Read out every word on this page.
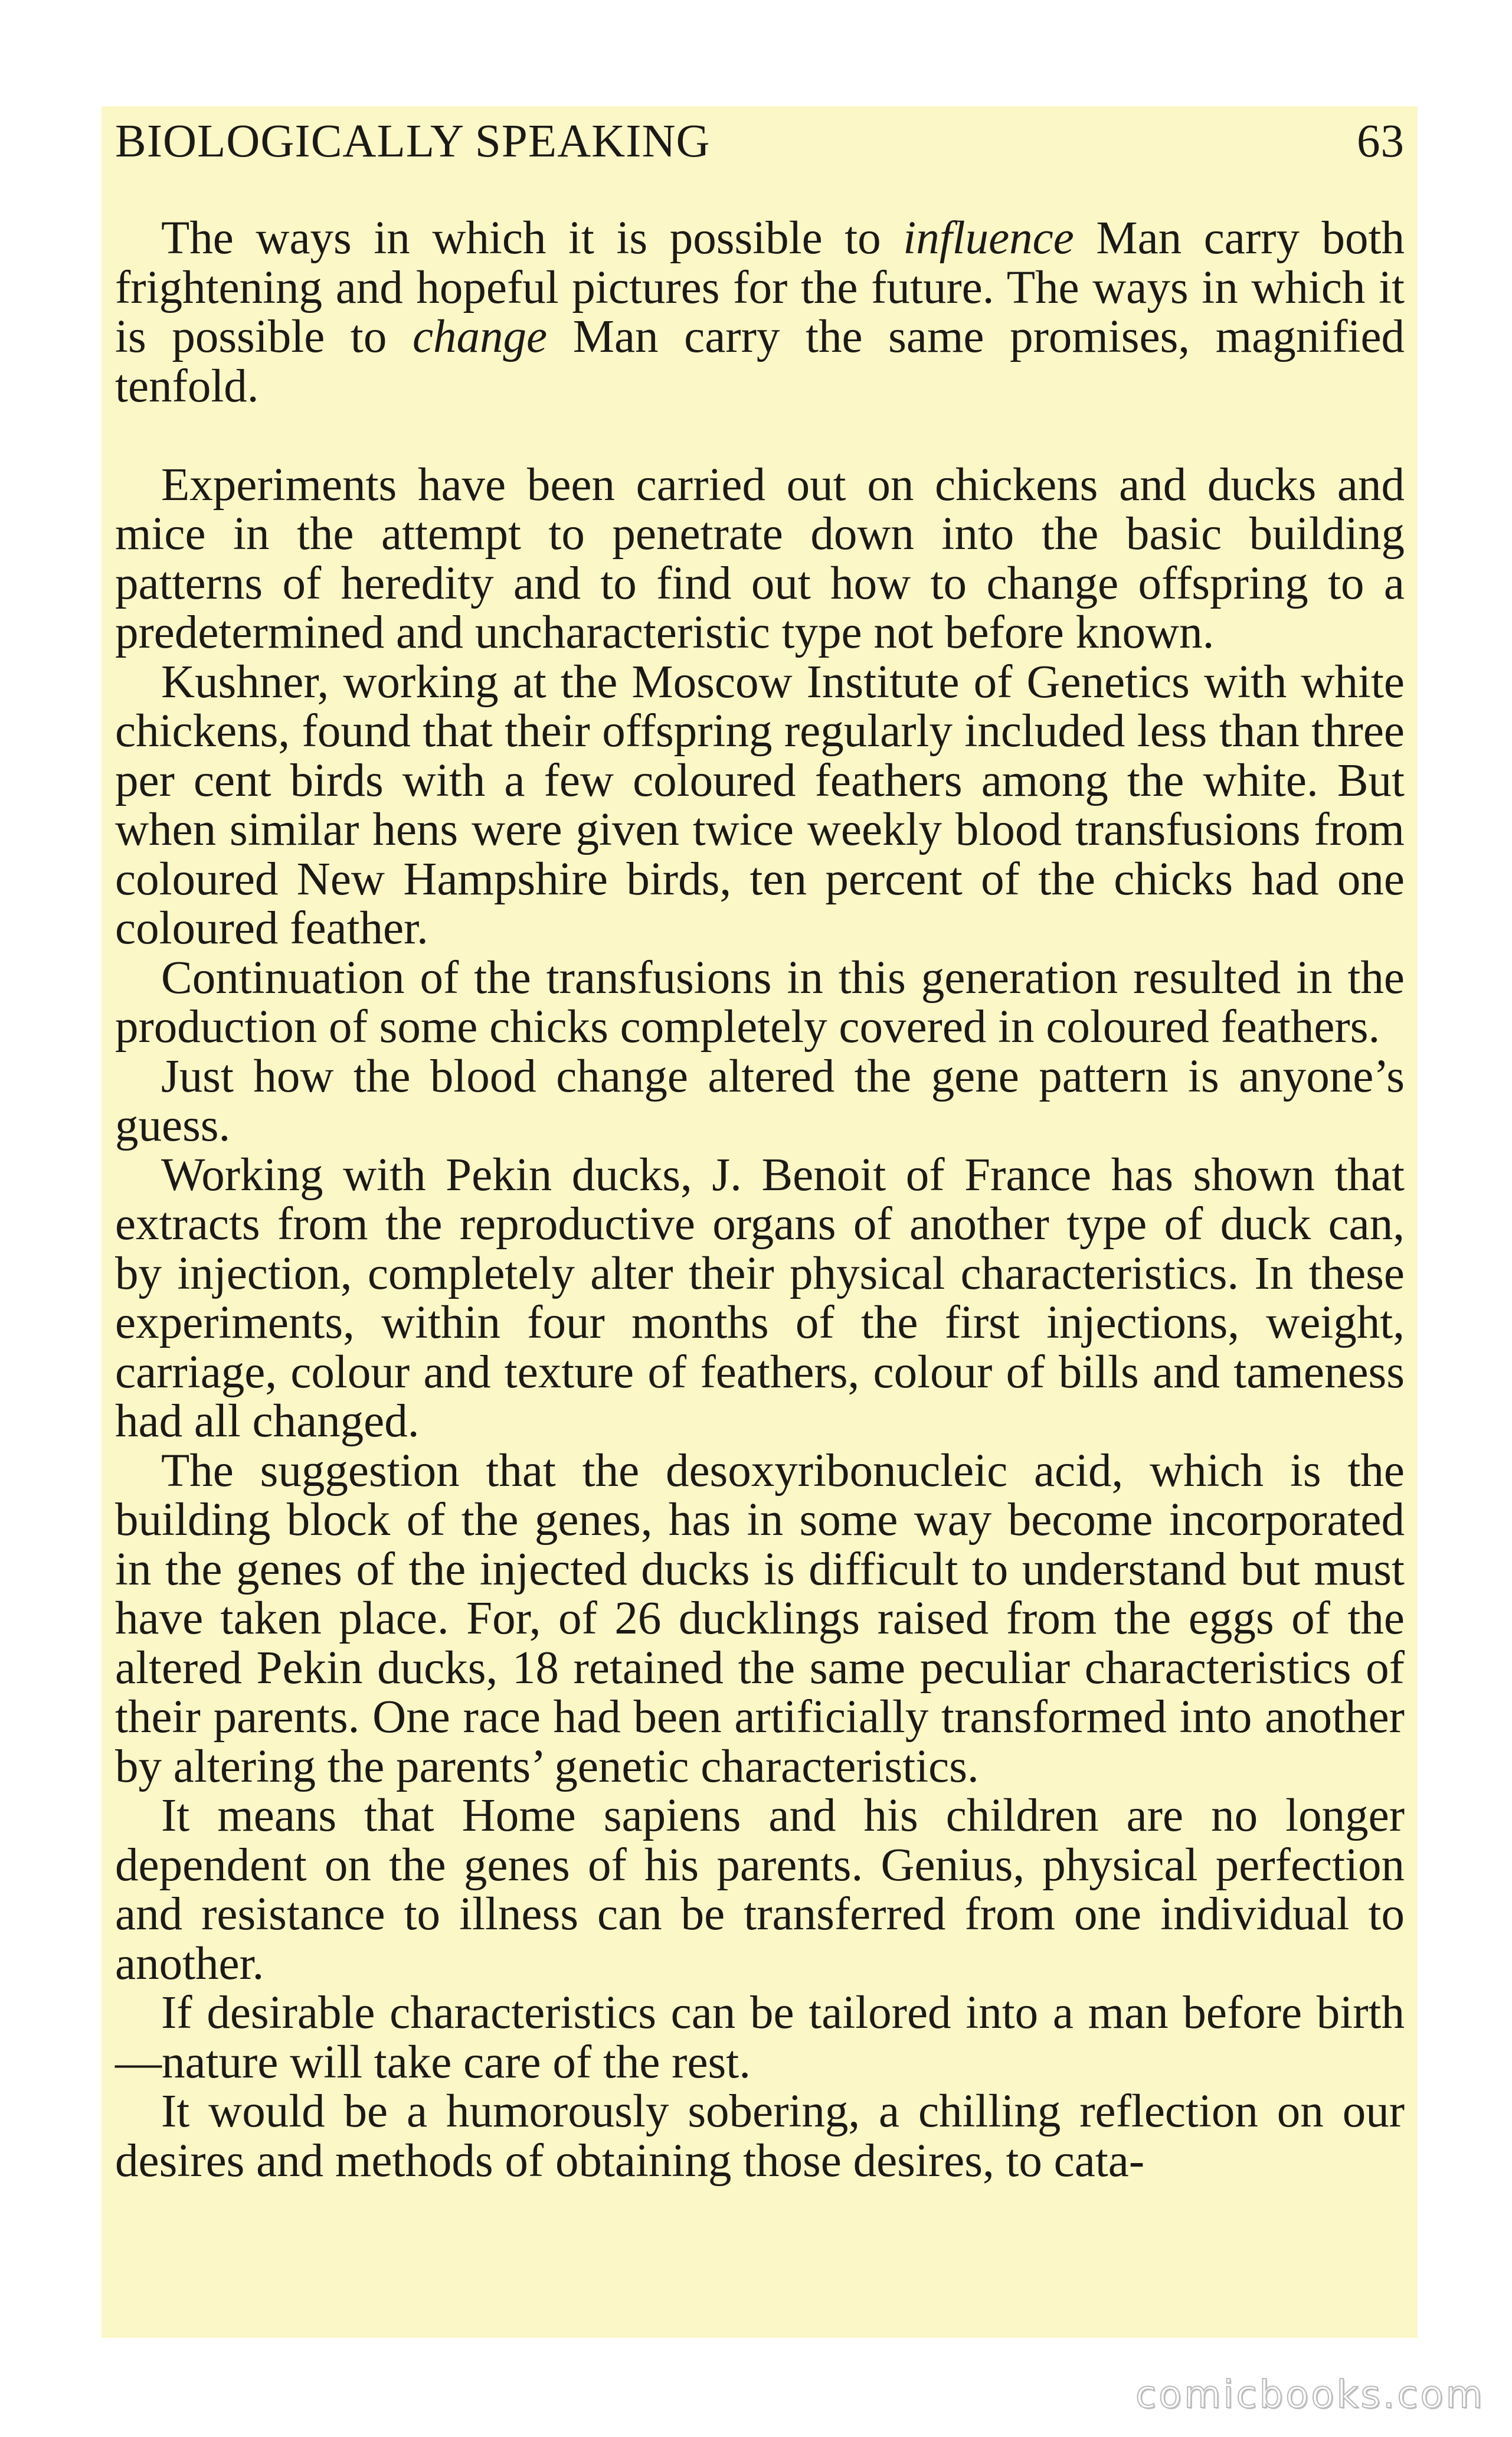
BIOLOGICALLY SPEAKING	63

The ways in which it is possible to influence Man carry both frightening and hopeful pictures for the future. The ways in which it is possible to change Man carry the same promises, magnified tenfold.

Experiments have been carried out on chickens and ducks and mice in the attempt to penetrate down into the basic building patterns of heredity and to find out how to change offspring to a predetermined and uncharacteristic type not before known.

Kushner, working at the Moscow Institute of Genetics with white chickens, found that their offspring regularly included less than three per cent birds with a few coloured feathers among the white. But when similar hens were given twice weekly blood transfusions from coloured New Hampshire birds, ten percent of the chicks had one coloured feather.

Continuation of the transfusions in this generation resulted in the production of some chicks completely covered in coloured feathers.

Just how the blood change altered the gene pattern is anyone’s guess.

Working with Pekin ducks, J. Benoit of France has shown that extracts from the reproductive organs of another type of duck can, by injection, completely alter their physical characteristics. In these experiments, within four months of the first injections, weight, carriage, colour and texture of feathers, colour of bills and tameness had all changed.

The suggestion that the desoxyribonucleic acid, which is the building block of the genes, has in some way become incorporated in the genes of the injected ducks is difficult to understand but must have taken place. For, of 26 ducklings raised from the eggs of the altered Pekin ducks, 18 retained the same peculiar characteristics of their parents. One race had been artificially transformed into another by altering the parents’ genetic characteristics.

It means that Home sapiens and his children are no longer dependent on the genes of his parents. Genius, physical perfection and resistance to illness can be transferred from one individual to another.

If desirable characteristics can be tailored into a man before birth—nature will take care of the rest.

It would be a humorously sobering, a chilling reflection on our desires and methods of obtaining those desires, to cata-

comicbooks.com
